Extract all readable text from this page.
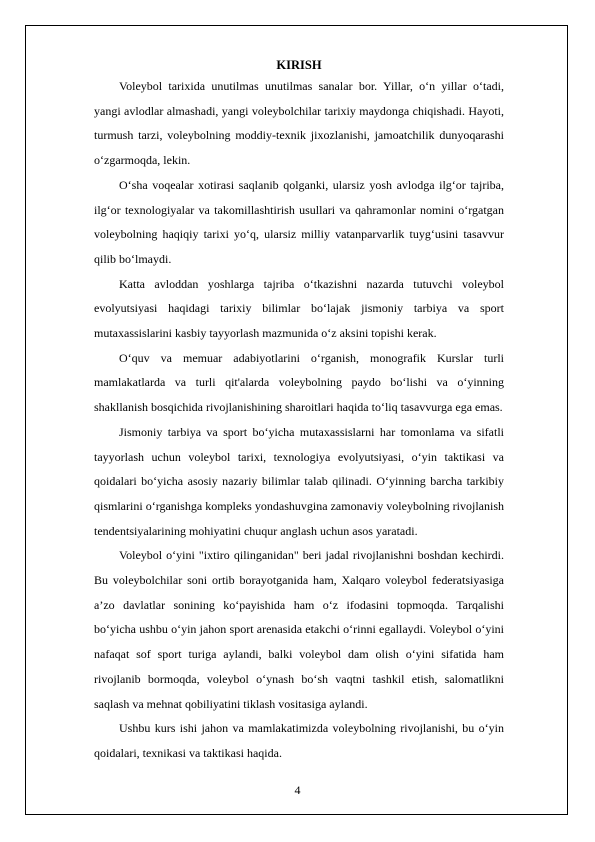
KIRISH

Voleybol tarixida unutilmas unutilmas sanalar bor. Yillar, o‘n yillar o‘tadi, yangi avlodlar almashadi, yangi voleybolchilar tarixiy maydonga chiqishadi. Hayoti, turmush tarzi, voleybolning moddiy-texnik jixozlanishi, jamoatchilik dunyoqarashi o‘zgarmoqda, lekin.

O‘sha voqealar xotirasi saqlanib qolganki, ularsiz yosh avlodga ilg‘or tajriba, ilg‘or texnologiyalar va takomillashtirish usullari va qahramonlar nomini o‘rgatgan voleybolning haqiqiy tarixi yo‘q, ularsiz milliy vatanparvarlik tuyg‘usini tasavvur qilib bo‘lmaydi.

Katta avloddan yoshlarga tajriba o‘tkazishni nazarda tutuvchi voleybol evolyutsiyasi haqidagi tarixiy bilimlar bo‘lajak jismoniy tarbiya va sport mutaxassislarini kasbiy tayyorlash mazmunida o‘z aksini topishi kerak.

O‘quv va memuar adabiyotlarini o‘rganish, monografik Kurslar turli mamlakatlarda va turli qit'alarda voleybolning paydo bo‘lishi va o‘yinning shakllanish bosqichida rivojlanishining sharoitlari haqida to‘liq tasavvurga ega emas.

Jismoniy tarbiya va sport bo‘yicha mutaxassislarni har tomonlama va sifatli tayyorlash uchun voleybol tarixi, texnologiya evolyutsiyasi, o‘yin taktikasi va qoidalari bo‘yicha asosiy nazariy bilimlar talab qilinadi. O‘yinning barcha tarkibiy qismlarini o‘rganishga kompleks yondashuvgina zamonaviy voleybolning rivojlanish tendentsiyalarining mohiyatini chuqur anglash uchun asos yaratadi.

Voleybol o‘yini "ixtiro qilinganidan" beri jadal rivojlanishni boshdan kechirdi. Bu voleybolchilar soni ortib borayotganida ham, Xalqaro voleybol federatsiyasiga a’zo davlatlar sonining ko‘payishida ham o‘z ifodasini topmoqda. Tarqalishi bo‘yicha ushbu o‘yin jahon sport arenasida etakchi o‘rinni egallaydi. Voleybol o‘yini nafaqat sof sport turiga aylandi, balki voleybol dam olish o‘yini sifatida ham rivojlanib bormoqda, voleybol o‘ynash bo‘sh vaqtni tashkil etish, salomatlikni saqlash va mehnat qobiliyatini tiklash vositasiga aylandi.

Ushbu kurs ishi jahon va mamlakatimizda voleybolning rivojlanishi, bu o‘yin qoidalari, texnikasi va taktikasi haqida.

4
